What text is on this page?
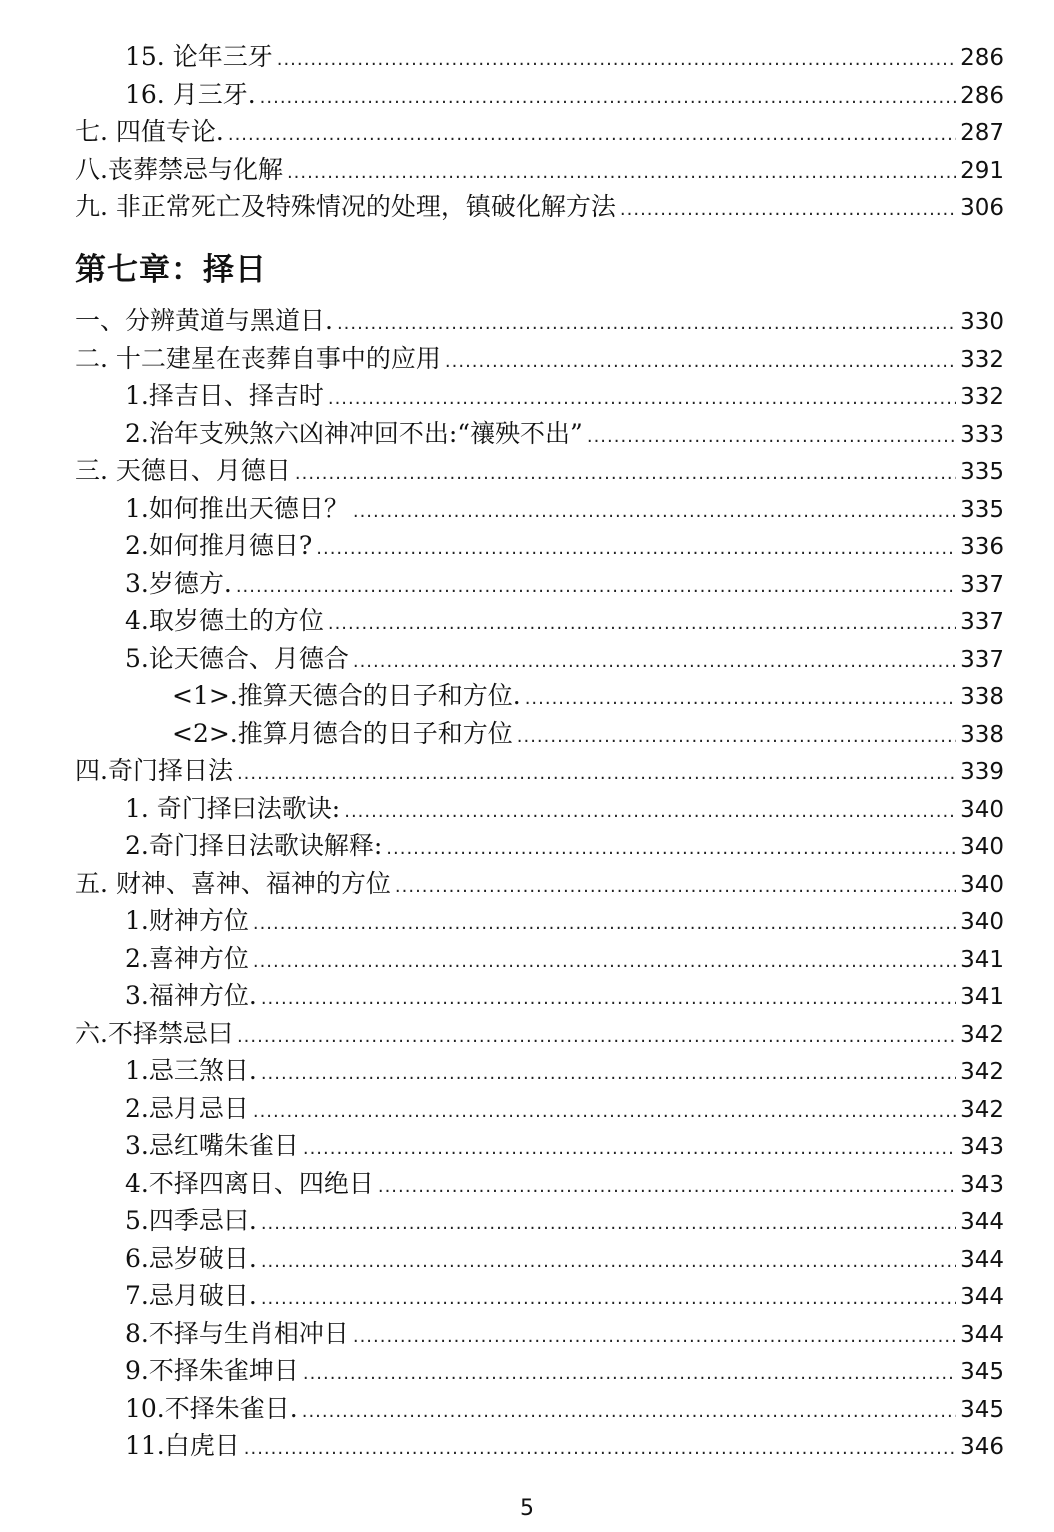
15. 论年三牙 .....	286
16. 月三牙. .....	286
七. 四值专论. .....	287
八.丧葬禁忌与化解 .....	291
九. 非正常死亡及特殊情况的处理，镇破化解方法 .....	306
一、分辨黄道与黑道日. .....	330
二. 十二建星在丧葬自事中的应用 .....	332
1.择吉日、择吉时 .....	332
2.治年支殃煞六凶神冲回不出:“禳殃不出” .....	333
三. 天德日、月德日 .....	335
1.如何推出天德日？ .....	335
2.如何推月德日? .....	336
3.岁德方. .....	337
4.取岁德土的方位 .....	337
5.论天德合、月德合 .....	337
<1>.推算天德合的日子和方位. .....	338
<2>.推算月德合的日子和方位 .....	338
四.奇门择日法 .....	339
1. 奇门择曰法歌诀: .....	340
2.奇门择日法歌诀解释: .....	340
五. 财神、喜神、福神的方位 .....	340
1.财神方位 .....	340
2.喜神方位 .....	341
3.福神方位. .....	341
六.不择禁忌曰 .....	342
1.忌三煞日. .....	342
2.忌月忌日 .....	342
3.忌红嘴朱雀日 .....	343
4.不择四离日、四绝日 .....	343
5.四季忌曰. .....	344
6.忌岁破日. .....	344
7.忌月破日. .....	344
8.不择与生肖相冲日 .....	344
9.不择朱雀坤日 .....	345
10.不择朱雀日. .....	345
11.白虎日 .....	346
第七章：择日
5
